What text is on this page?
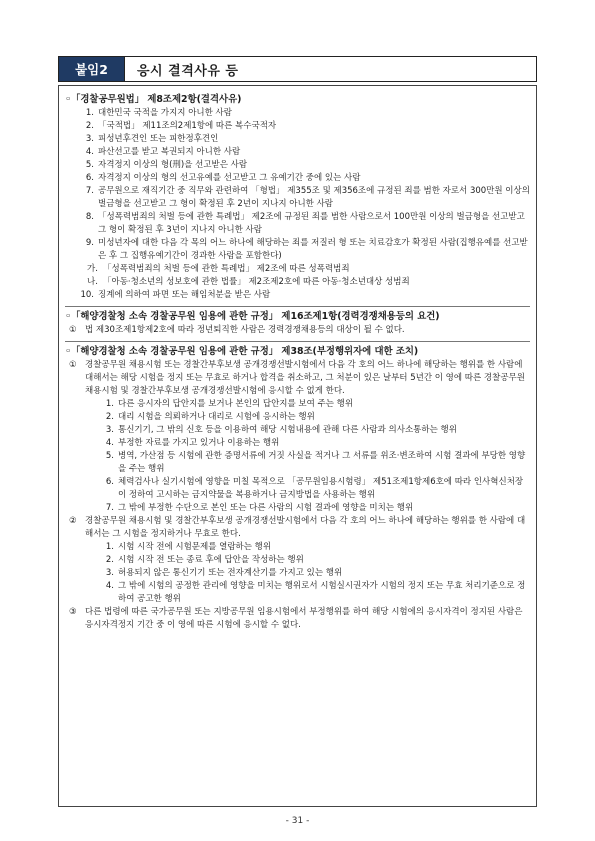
붙임2	응시 결격사유 등
◦「경찰공무원법」 제8조제2항(결격사유)
1. 대한민국 국적을 가지지 아니한 사람
2. 「국적법」 제11조의2제1항에 따른 복수국적자
3. 피성년후견인 또는 피한정후견인
4. 파산선고를 받고 복권되지 아니한 사람
5. 자격정지 이상의 형(刑)을 선고받은 사람
6. 자격정지 이상의 형의 선고유예를 선고받고 그 유예기간 중에 있는 사람
7. 공무원으로 재직기간 중 직무와 관련하여 「형법」 제355조 및 제356조에 규정된 죄를 범한 자로서 300만원 이상의 벌금형을 선고받고 그 형이 확정된 후 2년이 지나지 아니한 사람
8. 「성폭력범죄의 처벌 등에 관한 특례법」 제2조에 규정된 죄를 범한 사람으로서 100만원 이상의 벌금형을 선고받고 그 형이 확정된 후 3년이 지나지 아니한 사람
9. 미성년자에 대한 다음 각 목의 어느 하나에 해당하는 죄를 저질러 형 또는 치료감호가 확정된 사람(집행유예를 선고받은 후 그 집행유예기간이 경과한 사람을 포함한다)
가. 「성폭력범죄의 처벌 등에 관한 특례법」 제2조에 따른 성폭력범죄
나. 「아동·청소년의 성보호에 관한 법률」 제2조제2호에 따른 아동·청소년대상 성범죄
10. 징계에 의하여 파면 또는 해임처분을 받은 사람
◦「해양경찰청 소속 경찰공무원 임용에 관한 규정」 제16조제1항(경력경쟁채용등의 요건)
① 법 제30조제1항제2호에 따라 정년퇴직한 사람은 경력경쟁채용등의 대상이 될 수 없다.
◦「해양경찰청 소속 경찰공무원 임용에 관한 규정」 제38조(부정행위자에 대한 조치)
① 경찰공무원 채용시험 또는 경찰간부후보생 공개경쟁선발시험에서 다음 각 호의 어느 하나에 해당하는 행위를 한 사람에 대해서는 해당 시험을 정지 또는 무효로 하거나 합격을 취소하고, 그 처분이 있은 날부터 5년간 이 영에 따른 경찰공무원 채용시험 및 경찰간부후보생 공개경쟁선발시험에 응시할 수 없게 한다.
1. 다른 응시자의 답안지를 보거나 본인의 답안지를 보여 주는 행위
2. 대리 시험을 의뢰하거나 대리로 시험에 응시하는 행위
3. 통신기기, 그 밖의 신호 등을 이용하여 해당 시험내용에 관해 다른 사람과 의사소통하는 행위
4. 부정한 자료를 가지고 있거나 이용하는 행위
5. 병역, 가산점 등 시험에 관한 증명서류에 거짓 사실을 적거나 그 서류를 위조·변조하여 시험 결과에 부당한 영향을 주는 행위
6. 체력검사나 실기시험에 영향을 미칠 목적으로 「공무원임용시험령」 제51조제1항제6호에 따라 인사혁신처장이 정하여 고시하는 금지약물을 복용하거나 금지방법을 사용하는 행위
7. 그 밖에 부정한 수단으로 본인 또는 다른 사람의 시험 결과에 영향을 미치는 행위
② 경찰공무원 채용시험 및 경찰간부후보생 공개경쟁선발시험에서 다음 각 호의 어느 하나에 해당하는 행위를 한 사람에 대해서는 그 시험을 정지하거나 무효로 한다.
1. 시험 시작 전에 시험문제를 열람하는 행위
2. 시험 시작 전 또는 종료 후에 답안을 작성하는 행위
3. 허용되지 않은 통신기기 또는 전자계산기를 가지고 있는 행위
4. 그 밖에 시험의 공정한 관리에 영향을 미치는 행위로서 시험실시권자가 시험의 정지 또는 무효 처리기준으로 정하여 공고한 행위
③ 다른 법령에 따른 국가공무원 또는 지방공무원 임용시험에서 부정행위를 하여 해당 시험에의 응시자격이 정지된 사람은 응시자격정지 기간 중 이 영에 따른 시험에 응시할 수 없다.
- 31 -
